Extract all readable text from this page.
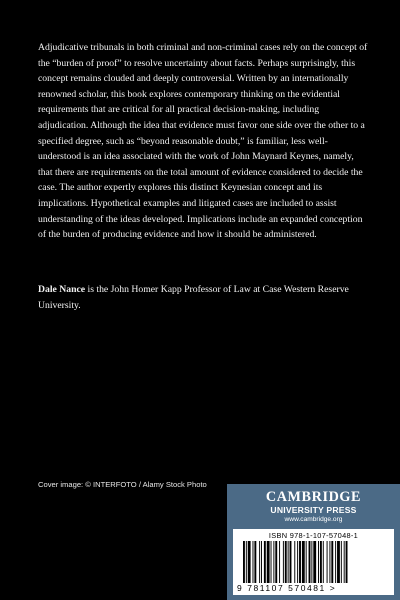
Adjudicative tribunals in both criminal and non-criminal cases rely on the concept of the “burden of proof” to resolve uncertainty about facts. Perhaps surprisingly, this concept remains clouded and deeply controversial. Written by an internationally renowned scholar, this book explores contemporary thinking on the evidential requirements that are critical for all practical decision-making, including adjudication. Although the idea that evidence must favor one side over the other to a specified degree, such as “beyond reasonable doubt,” is familiar, less well-understood is an idea associated with the work of John Maynard Keynes, namely, that there are requirements on the total amount of evidence considered to decide the case. The author expertly explores this distinct Keynesian concept and its implications. Hypothetical examples and litigated cases are included to assist understanding of the ideas developed. Implications include an expanded conception of the burden of producing evidence and how it should be administered.

Dale Nance is the John Homer Kapp Professor of Law at Case Western Reserve University.

Cover image: © INTERFOTO / Alamy Stock Photo

CAMBRIDGE
UNIVERSITY PRESS
www.cambridge.org
ISBN 978-1-107-57048-1
9 781107 570481 >
